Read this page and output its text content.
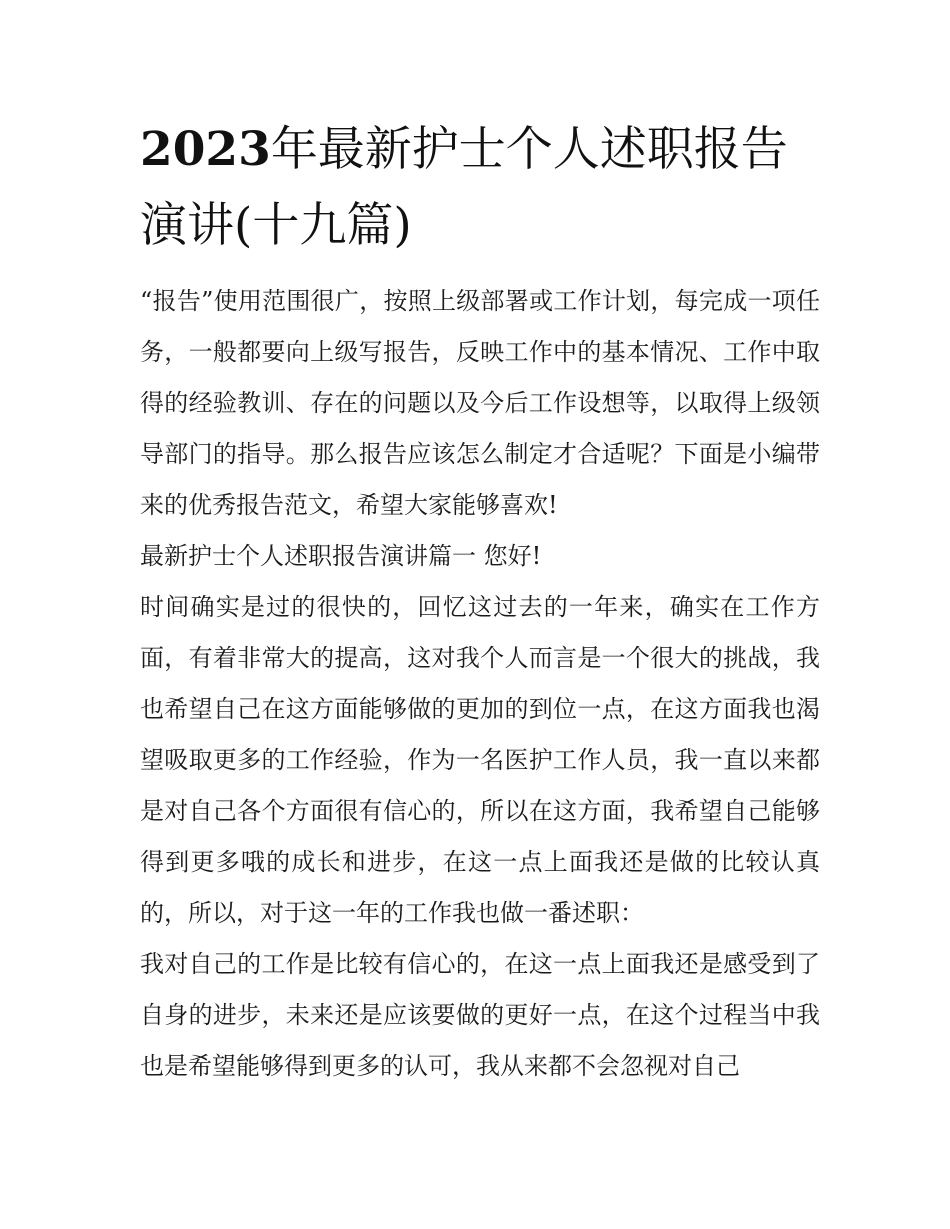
2023年最新护士个人述职报告演讲(十九篇)

“报告”使用范围很广，按照上级部署或工作计划，每完成一项任务，一般都要向上级写报告，反映工作中的基本情况、工作中取得的经验教训、存在的问题以及今后工作设想等，以取得上级领导部门的指导。那么报告应该怎么制定才合适呢？下面是小编带来的优秀报告范文，希望大家能够喜欢!

最新护士个人述职报告演讲篇一 您好!

时间确实是过的很快的，回忆这过去的一年来，确实在工作方面，有着非常大的提高，这对我个人而言是一个很大的挑战，我也希望自己在这方面能够做的更加的到位一点，在这方面我也渴望吸取更多的工作经验，作为一名医护工作人员，我一直以来都是对自己各个方面很有信心的，所以在这方面，我希望自己能够得到更多哦的成长和进步，在这一点上面我还是做的比较认真的，所以，对于这一年的工作我也做一番述职：

我对自己的工作是比较有信心的，在这一点上面我还是感受到了自身的进步，未来还是应该要做的更好一点，在这个过程当中我也是希望能够得到更多的认可，我从来都不会忽视对自己
